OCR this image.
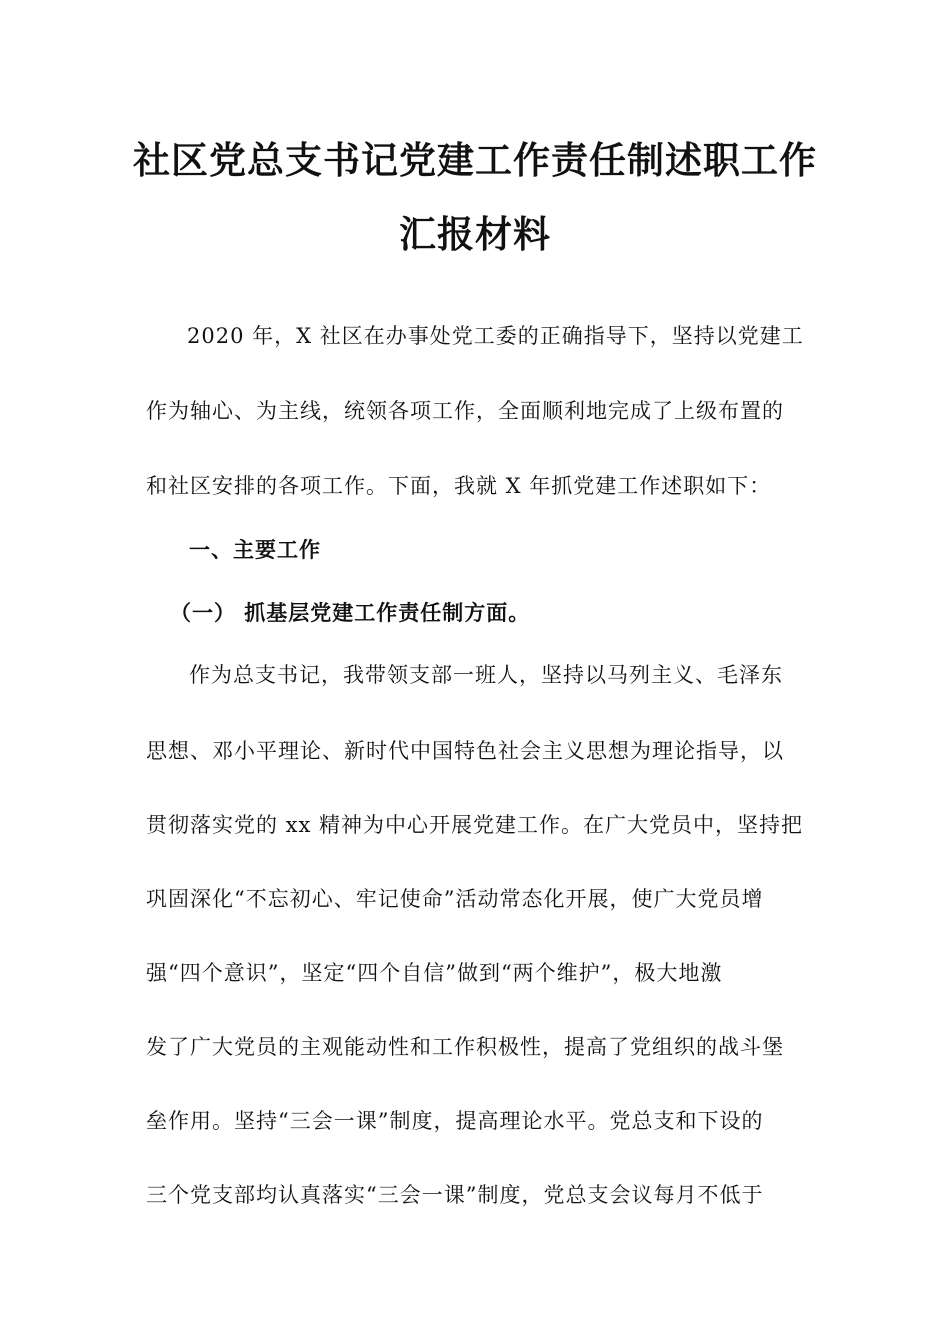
社区党总支书记党建工作责任制述职工作
汇报材料
2020 年，X 社区在办事处党工委的正确指导下，坚持以党建工
作为轴心、为主线，统领各项工作，全面顺利地完成了上级布置的
和社区安排的各项工作。下面，我就 X 年抓党建工作述职如下：
一、主要工作
（一） 抓基层党建工作责任制方面。
作为总支书记，我带领支部一班人，坚持以马列主义、毛泽东
思想、邓小平理论、新时代中国特色社会主义思想为理论指导，以
贯彻落实党的 xx 精神为中心开展党建工作。在广大党员中，坚持把
巩固深化“不忘初心、牢记使命”活动常态化开展，使广大党员增
强“四个意识”，坚定“四个自信”做到“两个维护”，极大地激
发了广大党员的主观能动性和工作积极性，提高了党组织的战斗堡
垒作用。坚持“三会一课”制度，提高理论水平。党总支和下设的
三个党支部均认真落实“三会一课”制度，党总支会议每月不低于
